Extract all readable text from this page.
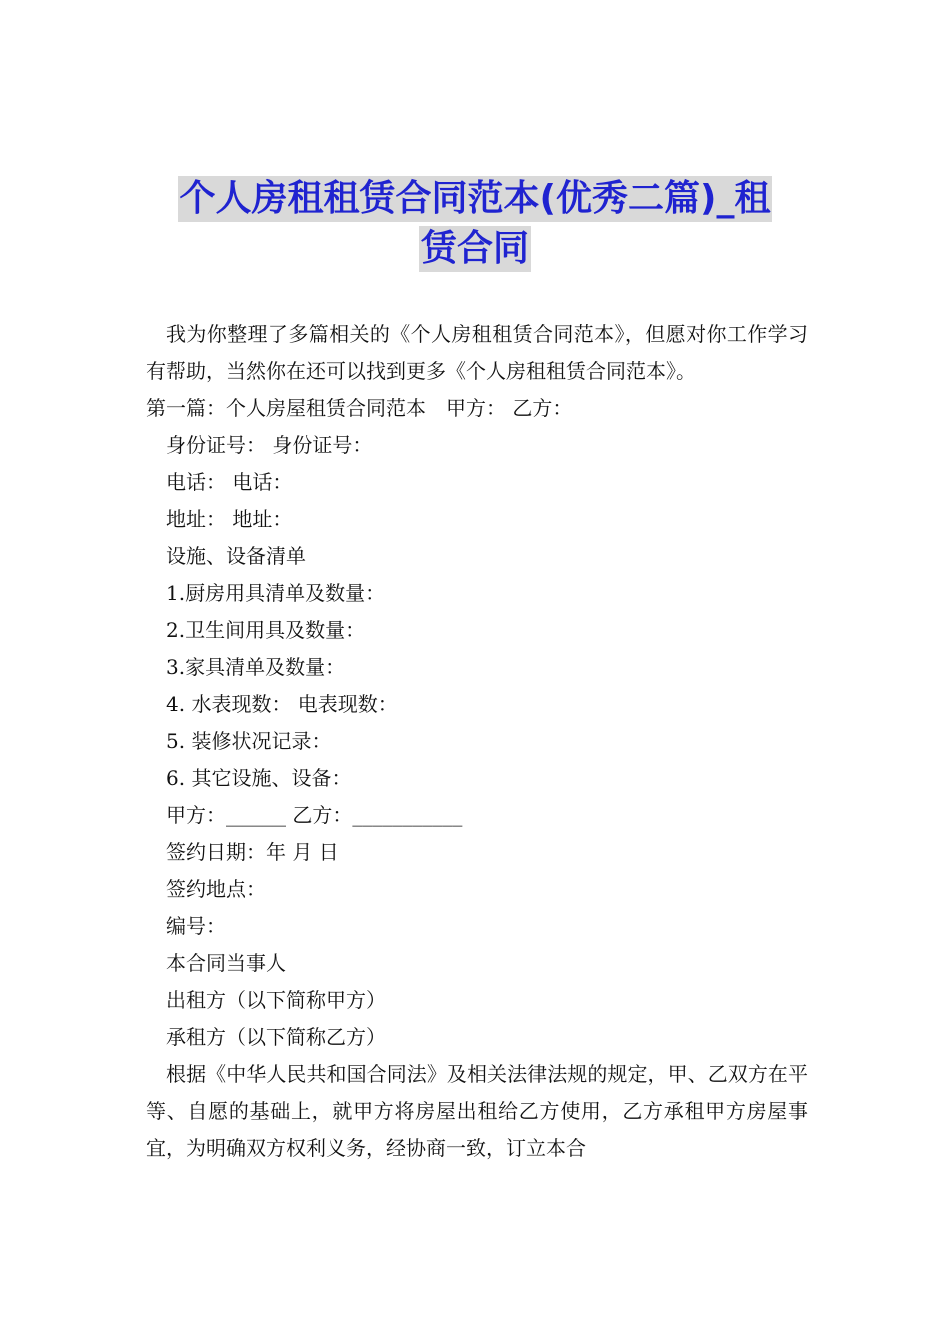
个人房租租赁合同范本(优秀二篇)_租
赁合同

我为你整理了多篇相关的《个人房租租赁合同范本》，但愿对你工作学习有帮助，当然你在还可以找到更多《个人房租租赁合同范本》。

第一篇：个人房屋租赁合同范本　甲方： 乙方：

身份证号： 身份证号：

电话： 电话：

地址： 地址：

设施、设备清单

1.厨房用具清单及数量：

2.卫生间用具及数量：

3.家具清单及数量：

4. 水表现数： 电表现数：

5. 装修状况记录：

6. 其它设施、设备：

甲方：______ 乙方：___________

签约日期：年 月 日

签约地点：

编号：

本合同当事人

出租方（以下简称甲方）

承租方（以下简称乙方）

根据《中华人民共和国合同法》及相关法律法规的规定，甲、乙双方在平等、自愿的基础上，就甲方将房屋出租给乙方使用，乙方承租甲方房屋事宜，为明确双方权利义务，经协商一致，订立本合
